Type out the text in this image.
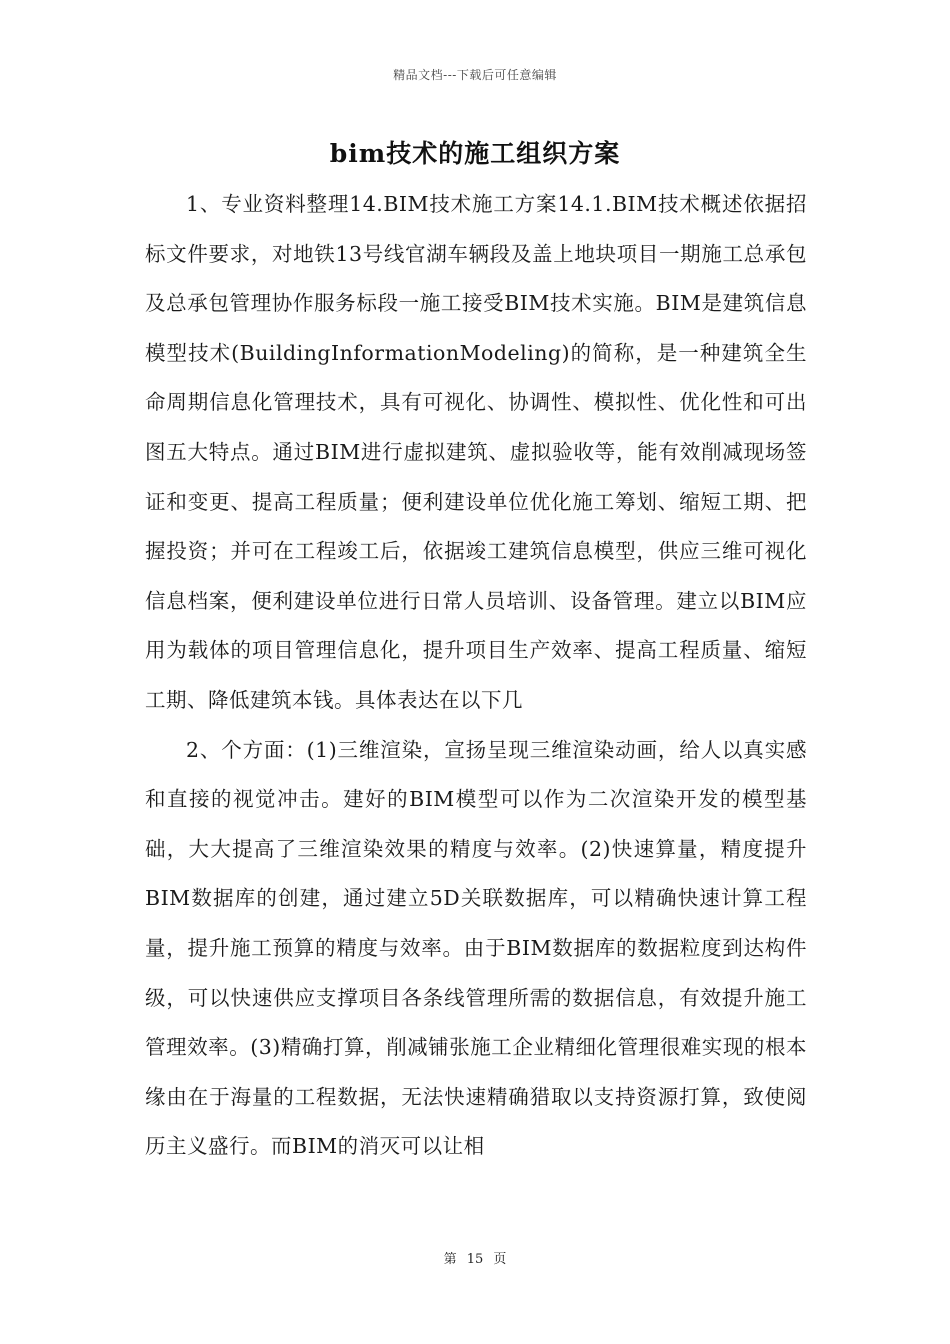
精品文档---下载后可任意编辑
bim技术的施工组织方案

1、专业资料整理14.BIM技术施工方案14.1.BIM技术概述依据招标文件要求，对地铁13号线官湖车辆段及盖上地块项目一期施工总承包及总承包管理协作服务标段一施工接受BIM技术实施。BIM是建筑信息模型技术(BuildingInformationModeling)的简称，是一种建筑全生命周期信息化管理技术，具有可视化、协调性、模拟性、优化性和可出图五大特点。通过BIM进行虚拟建筑、虚拟验收等，能有效削减现场签证和变更、提高工程质量；便利建设单位优化施工筹划、缩短工期、把握投资；并可在工程竣工后，依据竣工建筑信息模型，供应三维可视化信息档案，便利建设单位进行日常人员培训、设备管理。建立以BIM应用为载体的项目管理信息化，提升项目生产效率、提高工程质量、缩短工期、降低建筑本钱。具体表达在以下几

2、个方面：(1)三维渲染，宣扬呈现三维渲染动画，给人以真实感和直接的视觉冲击。建好的BIM模型可以作为二次渲染开发的模型基础，大大提高了三维渲染效果的精度与效率。(2)快速算量，精度提升BIM数据库的创建，通过建立5D关联数据库，可以精确快速计算工程量，提升施工预算的精度与效率。由于BIM数据库的数据粒度到达构件级，可以快速供应支撑项目各条线管理所需的数据信息，有效提升施工管理效率。(3)精确打算，削减铺张施工企业精细化管理很难实现的根本缘由在于海量的工程数据，无法快速精确猎取以支持资源打算，致使阅历主义盛行。而BIM的消灭可以让相

第 15 页
